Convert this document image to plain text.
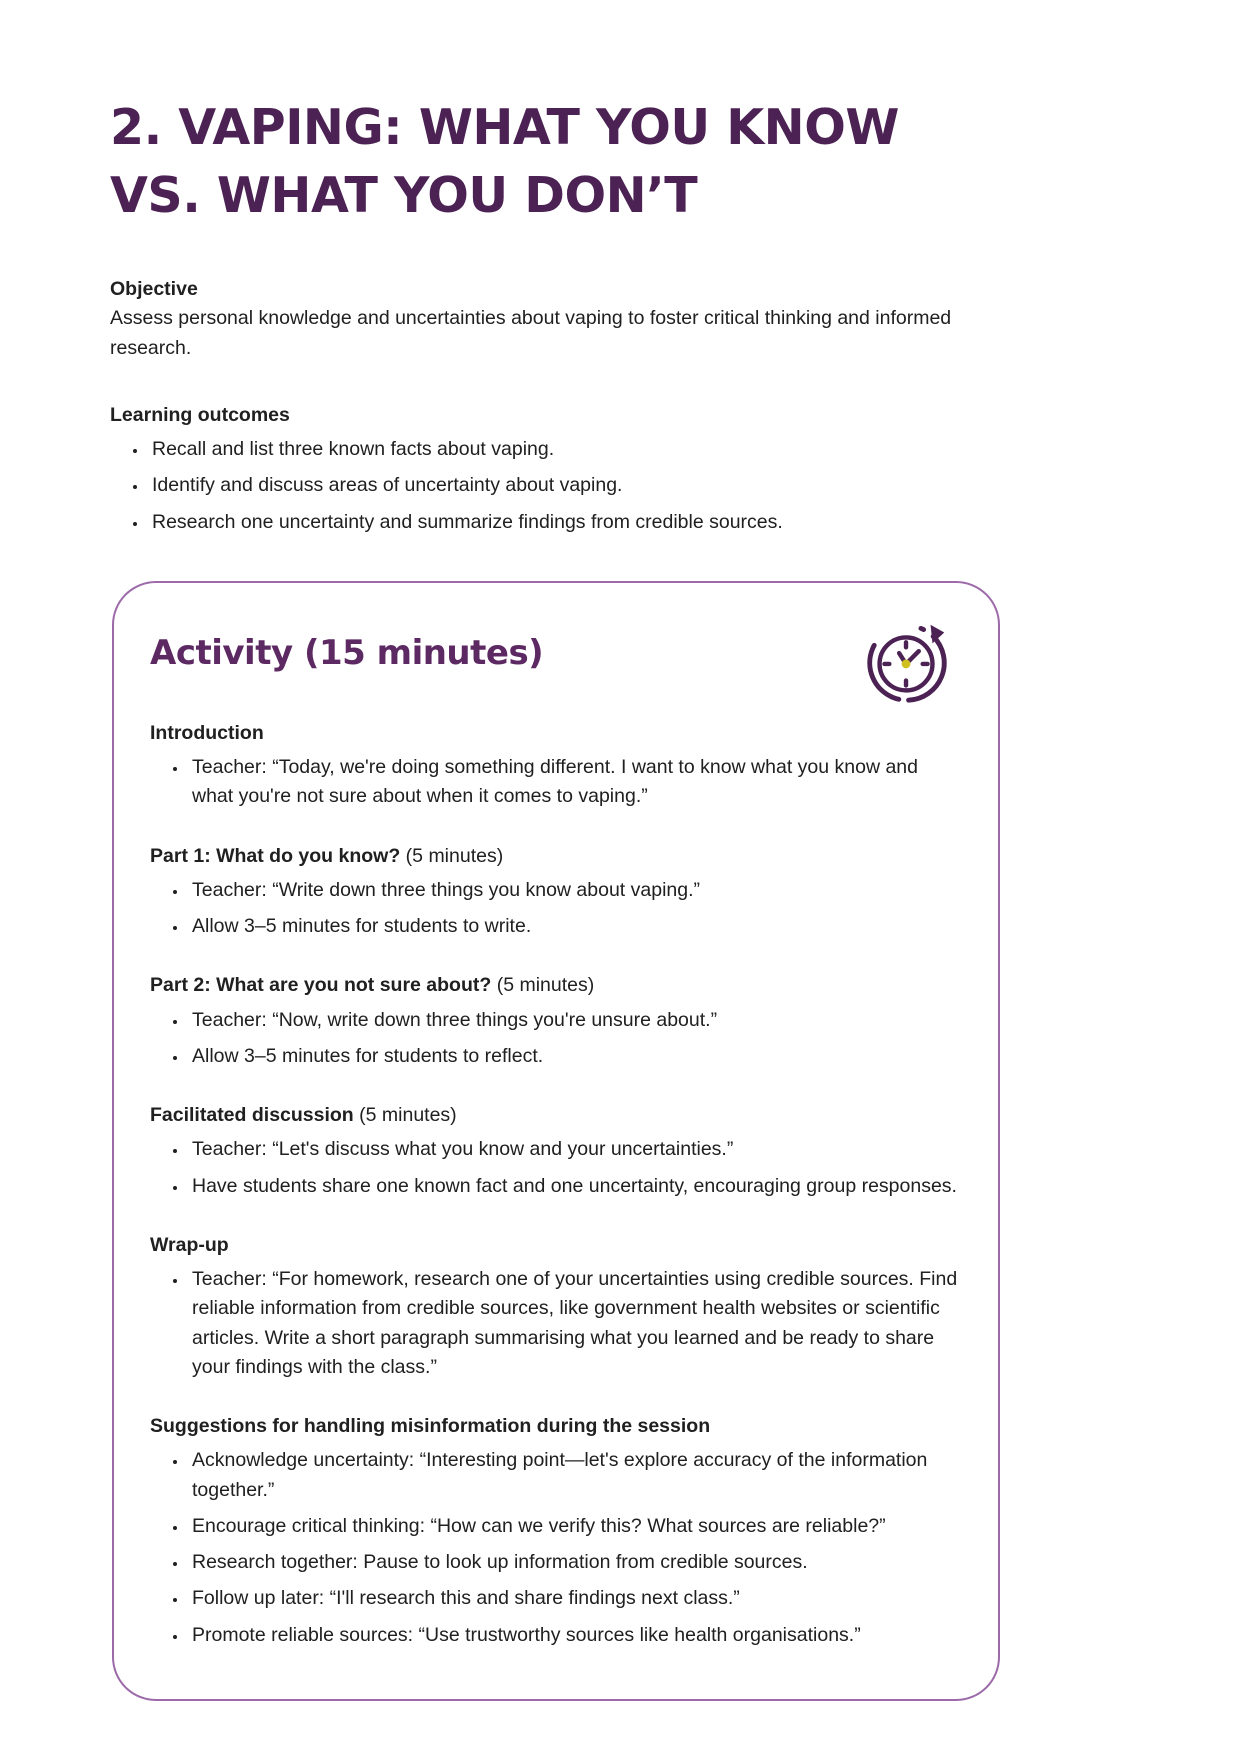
2. VAPING: WHAT YOU KNOW
VS. WHAT YOU DON’T

Objective

Assess personal knowledge and uncertainties about vaping to foster critical thinking and informed research.

Learning outcomes

• Recall and list three known facts about vaping.
• Identify and discuss areas of uncertainty about vaping.
• Research one uncertainty and summarize findings from credible sources.
Activity (15 minutes)

Introduction

• Teacher: “Today, we're doing something different. I want to know what you know and what you're not sure about when it comes to vaping.”

Part 1: What do you know? (5 minutes)

• Teacher: “Write down three things you know about vaping.”
• Allow 3–5 minutes for students to write.

Part 2: What are you not sure about? (5 minutes)

• Teacher: “Now, write down three things you're unsure about.”
• Allow 3–5 minutes for students to reflect.

Facilitated discussion (5 minutes)

• Teacher: “Let's discuss what you know and your uncertainties.”
• Have students share one known fact and one uncertainty, encouraging group responses.

Wrap-up

• Teacher: “For homework, research one of your uncertainties using credible sources. Find reliable information from credible sources, like government health websites or scientific articles. Write a short paragraph summarising what you learned and be ready to share your findings with the class.”

Suggestions for handling misinformation during the session

• Acknowledge uncertainty: “Interesting point—let's explore accuracy of the information together.”
• Encourage critical thinking: “How can we verify this? What sources are reliable?”
• Research together: Pause to look up information from credible sources.
• Follow up later: “I'll research this and share findings next class.”
• Promote reliable sources: “Use trustworthy sources like health organisations.”
